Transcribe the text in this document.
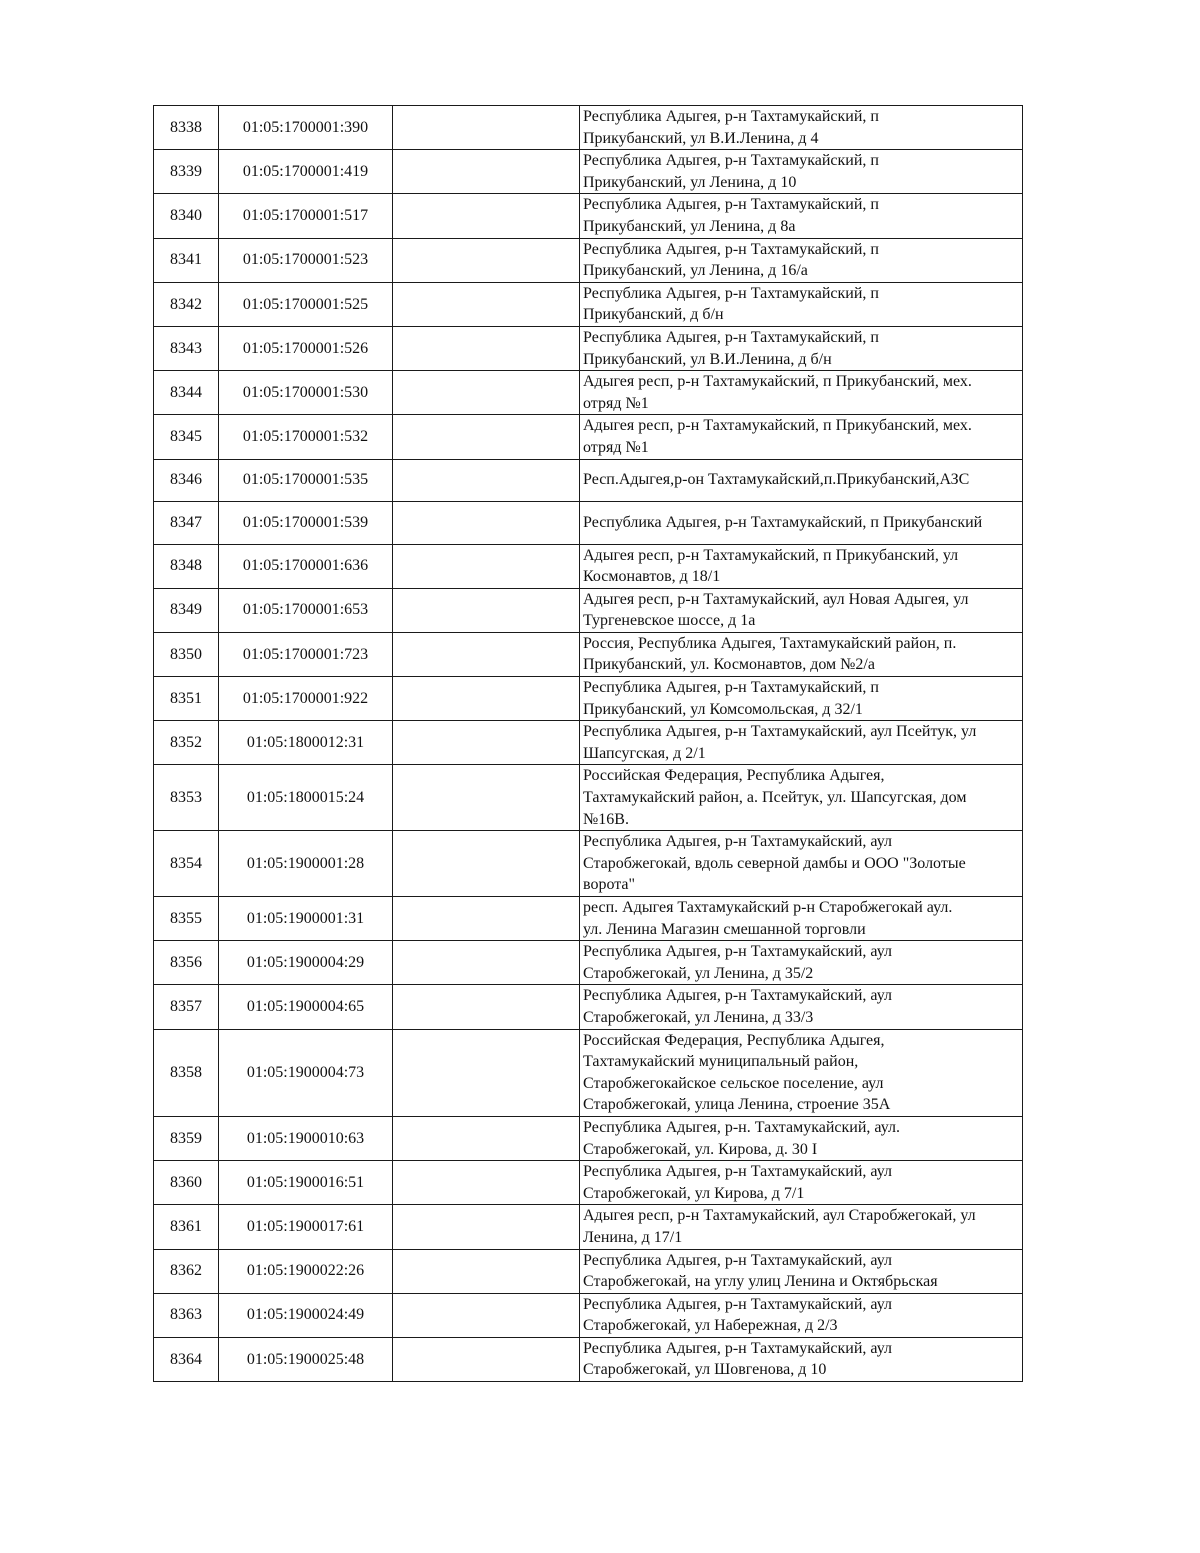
8338	01:05:1700001:390		Республика Адыгея, р-н Тахтамукайский, п
Прикубанский, ул В.И.Ленина, д 4
8339	01:05:1700001:419		Республика Адыгея, р-н Тахтамукайский, п
Прикубанский, ул Ленина, д 10
8340	01:05:1700001:517		Республика Адыгея, р-н Тахтамукайский, п
Прикубанский, ул Ленина, д 8а
8341	01:05:1700001:523		Республика Адыгея, р-н Тахтамукайский, п
Прикубанский, ул Ленина, д 16/а
8342	01:05:1700001:525		Республика Адыгея, р-н Тахтамукайский, п
Прикубанский, д б/н
8343	01:05:1700001:526		Республика Адыгея, р-н Тахтамукайский, п
Прикубанский, ул В.И.Ленина, д б/н
8344	01:05:1700001:530		Адыгея респ, р-н Тахтамукайский, п Прикубанский, мех.
отряд №1
8345	01:05:1700001:532		Адыгея респ, р-н Тахтамукайский, п Прикубанский, мех.
отряд №1
8346	01:05:1700001:535		Респ.Адыгея,р-он Тахтамукайский,п.Прикубанский,АЗС
8347	01:05:1700001:539		Республика Адыгея, р-н Тахтамукайский, п Прикубанский
8348	01:05:1700001:636		Адыгея респ, р-н Тахтамукайский, п Прикубанский, ул
Космонавтов, д 18/1
8349	01:05:1700001:653		Адыгея респ, р-н Тахтамукайский, аул Новая Адыгея, ул
Тургеневское шоссе, д 1а
8350	01:05:1700001:723		Россия, Республика Адыгея, Тахтамукайский район, п.
Прикубанский, ул. Космонавтов, дом №2/а
8351	01:05:1700001:922		Республика Адыгея, р-н Тахтамукайский, п
Прикубанский, ул Комсомольская, д 32/1
8352	01:05:1800012:31		Республика Адыгея, р-н Тахтамукайский, аул Псейтук, ул
Шапсугская, д 2/1
8353	01:05:1800015:24		Российская Федерация, Республика Адыгея,
Тахтамукайский район, а. Псейтук, ул. Шапсугская, дом
№16В.
8354	01:05:1900001:28		Республика Адыгея, р-н Тахтамукайский, аул
Старобжегокай, вдоль северной дамбы и ООО "Золотые
ворота"
8355	01:05:1900001:31		респ. Адыгея Тахтамукайский р-н Старобжегокай аул.
ул. Ленина Магазин смешанной торговли
8356	01:05:1900004:29		Республика Адыгея, р-н Тахтамукайский, аул
Старобжегокай, ул Ленина, д 35/2
8357	01:05:1900004:65		Республика Адыгея, р-н Тахтамукайский, аул
Старобжегокай, ул Ленина, д 33/3
8358	01:05:1900004:73		Российская Федерация, Республика Адыгея,
Тахтамукайский муниципальный район,
Старобжегокайское сельское поселение, аул
Старобжегокай, улица Ленина, строение 35А
8359	01:05:1900010:63		Республика Адыгея, р-н. Тахтамукайский, аул.
Старобжегокай, ул. Кирова, д. 30 I
8360	01:05:1900016:51		Республика Адыгея, р-н Тахтамукайский, аул
Старобжегокай, ул Кирова, д 7/1
8361	01:05:1900017:61		Адыгея респ, р-н Тахтамукайский, аул Старобжегокай, ул
Ленина, д 17/1
8362	01:05:1900022:26		Республика Адыгея, р-н Тахтамукайский, аул
Старобжегокай, на углу улиц Ленина и Октябрьская
8363	01:05:1900024:49		Республика Адыгея, р-н Тахтамукайский, аул
Старобжегокай, ул Набережная, д 2/3
8364	01:05:1900025:48		Республика Адыгея, р-н Тахтамукайский, аул
Старобжегокай, ул Шовгенова, д 10
